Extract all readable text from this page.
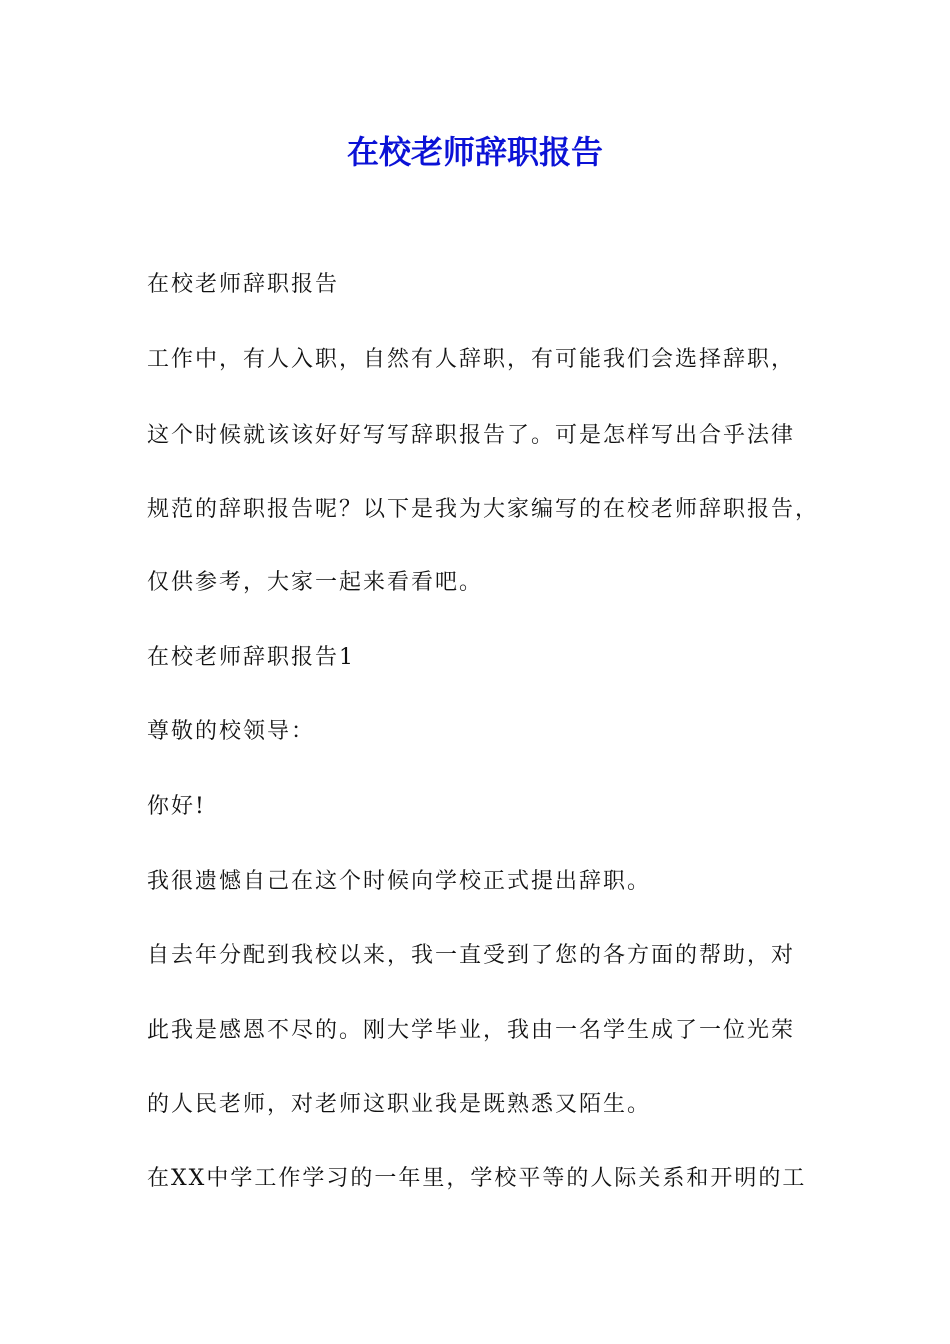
在校老师辞职报告

在校老师辞职报告

工作中，有人入职，自然有人辞职，有可能我们会选择辞职，

这个时候就该该好好写写辞职报告了。可是怎样写出合乎法律

规范的辞职报告呢？以下是我为大家编写的在校老师辞职报告，

仅供参考，大家一起来看看吧。

在校老师辞职报告1

尊敬的校领导：

你好!

我很遗憾自己在这个时候向学校正式提出辞职。

自去年分配到我校以来，我一直受到了您的各方面的帮助，对

此我是感恩不尽的。刚大学毕业，我由一名学生成了一位光荣

的人民老师，对老师这职业我是既熟悉又陌生。

在XX中学工作学习的一年里，学校平等的人际关系和开明的工
